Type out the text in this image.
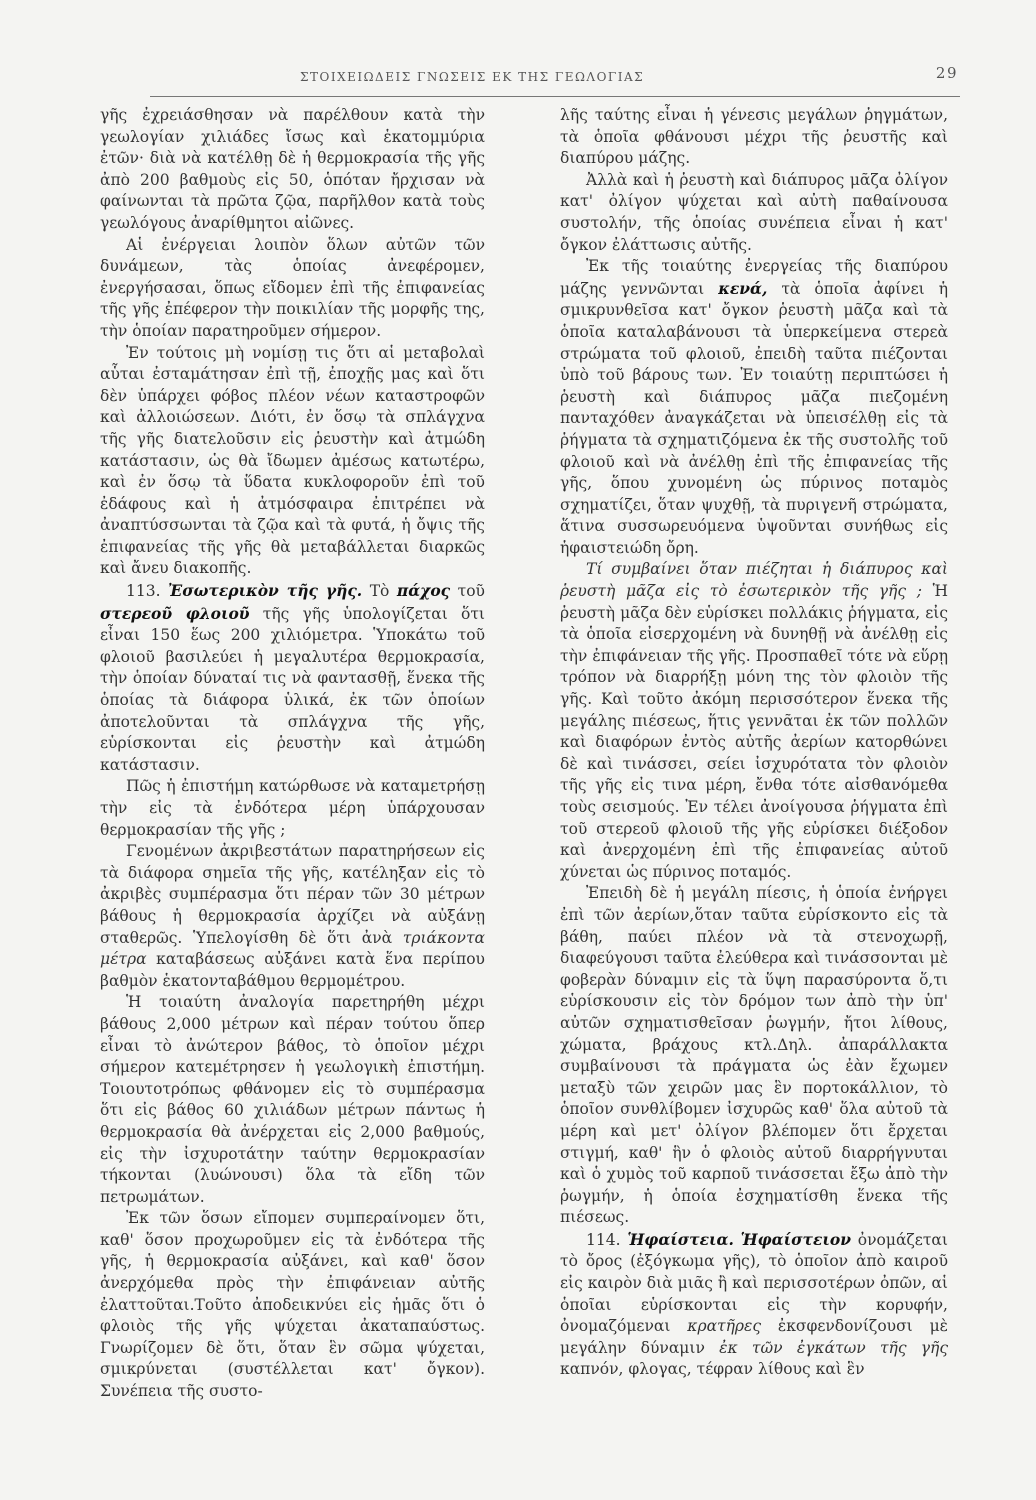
ΣΤΟΙΧΕΙΩΔΕΙΣ ΓΝΩΣΕΙΣ ΕΚ ΤΗΣ ΓΕΩΛΟΓΙΑΣ	29

γῆς ἐχρειάσθησαν νὰ παρέλθουν κατὰ τὴν γεωλογίαν χιλιάδες ἴσως καὶ ἑκατομμύρια ἐτῶν· διὰ νὰ κατέλθῃ δὲ ἡ θερμοκρασία τῆς γῆς ἀπὸ 200 βαθμοὺς εἰς 50, ὁπόταν ἤρχισαν νὰ φαίνωνται τὰ πρῶτα ζῷα, παρῆλθον κατὰ τοὺς γεωλόγους ἀναρίθμητοι αἰῶνες.

Αἱ ἐνέργειαι λοιπὸν ὅλων αὐτῶν τῶν δυνάμεων, τὰς ὁποίας ἀνεφέρομεν, ἐνεργήσασαι, ὅπως εἴδομεν ἐπὶ τῆς ἐπιφανείας τῆς γῆς ἐπέφερον τὴν ποικιλίαν τῆς μορφῆς της, τὴν ὁποίαν παρατηροῦμεν σήμερον.

Ἐν τούτοις μὴ νομίσῃ τις ὅτι αἱ μεταβολαὶ αὗται ἐσταμάτησαν ἐπὶ τῇ, ἐποχῇς μας καὶ ὅτι δὲν ὑπάρχει φόβος πλέον νέων καταστροφῶν καὶ ἀλλοιώσεων. Διότι, ἐν ὅσῳ τὰ σπλάγχνα τῆς γῆς διατελοῦσιν εἰς ῥευστὴν καὶ ἀτμώδη κατάστασιν, ὡς θὰ ἴδωμεν ἀμέσως κατωτέρω, καὶ ἐν ὅσῳ τὰ ὕδατα κυκλοφοροῦν ἐπὶ τοῦ ἐδάφους καὶ ἡ ἀτμόσφαιρα ἐπιτρέπει νὰ ἀναπτύσσωνται τὰ ζῷα καὶ τὰ φυτά, ἡ ὄψις τῆς ἐπιφανείας τῆς γῆς θὰ μεταβάλλεται διαρκῶς καὶ ἄνευ διακοπῆς.

113. Ἐσωτερικὸν τῆς γῆς. Τὸ πάχος τοῦ στερεοῦ φλοιοῦ τῆς γῆς ὑπολογίζεται ὅτι εἶναι 150 ἕως 200 χιλιόμετρα. Ὑποκάτω τοῦ φλοιοῦ βασιλεύει ἡ μεγαλυτέρα θερμοκρασία, τὴν ὁποίαν δύναταί τις νὰ φαντασθῇ, ἕνεκα τῆς ὁποίας τὰ διάφορα ὑλικά, ἐκ τῶν ὁποίων ἀποτελοῦνται τὰ σπλάγχνα τῆς γῆς, εὑρίσκονται εἰς ῥευστὴν καὶ ἀτμώδη κατάστασιν.

Πῶς ἡ ἐπιστήμη κατώρθωσε νὰ καταμετρήσῃ τὴν εἰς τὰ ἐνδότερα μέρη ὑπάρχουσαν θερμοκρασίαν τῆς γῆς ;

Γενομένων ἀκριβεστάτων παρατηρήσεων εἰς τὰ διάφορα σημεῖα τῆς γῆς, κατέληξαν εἰς τὸ ἀκριβὲς συμπέρασμα ὅτι πέραν τῶν 30 μέτρων βάθους ἡ θερμοκρασία ἀρχίζει νὰ αὐξάνῃ σταθερῶς. Ὑπελογίσθη δὲ ὅτι ἀνὰ τριάκοντα μέτρα καταβάσεως αὐξάνει κατὰ ἕνα περίπου βαθμὸν ἑκατονταβάθμου θερμομέτρου.

Ἡ τοιαύτη ἀναλογία παρετηρήθη μέχρι βάθους 2,000 μέτρων καὶ πέραν τούτου ὅπερ εἶναι τὸ ἀνώτερον βάθος, τὸ ὁποῖον μέχρι σήμερον κατεμέτρησεν ἡ γεωλογικὴ ἐπιστήμη. Τοιουτοτρόπως φθάνομεν εἰς τὸ συμπέρασμα ὅτι εἰς βάθος 60 χιλιάδων μέτρων πάντως ἡ θερμοκρασία θὰ ἀνέρχεται εἰς 2,000 βαθμούς, εἰς τὴν ἰσχυροτάτην ταύτην θερμοκρασίαν τήκονται (λυώνουσι) ὅλα τὰ εἴδη τῶν πετρωμάτων.

Ἐκ τῶν ὅσων εἴπομεν συμπεραίνομεν ὅτι, καθ' ὅσον προχωροῦμεν εἰς τὰ ἐνδότερα τῆς γῆς, ἡ θερμοκρασία αὐξάνει, καὶ καθ' ὅσον ἀνερχόμεθα πρὸς τὴν ἐπιφάνειαν αὐτῆς ἐλαττοῦται.Τοῦτο ἀποδεικνύει εἰς ἡμᾶς ὅτι ὁ φλοιὸς τῆς γῆς ψύχεται ἀκαταπαύστως. Γνωρίζομεν δὲ ὅτι, ὅταν ἓν σῶμα ψύχεται, σμικρύνεται (συστέλλεται κατ' ὄγκον). Συνέπεια τῆς συστο-

λῆς ταύτης εἶναι ἡ γένεσις μεγάλων ῥηγμάτων, τὰ ὁποῖα φθάνουσι μέχρι τῆς ῥευστῆς καὶ διαπύρου μάζης.

Ἀλλὰ καὶ ἡ ῥευστὴ καὶ διάπυρος μᾶζα ὀλίγον κατ' ὀλίγον ψύχεται καὶ αὐτὴ παθαίνουσα συστολήν, τῆς ὁποίας συνέπεια εἶναι ἡ κατ' ὄγκον ἐλάττωσις αὐτῆς.

Ἐκ τῆς τοιαύτης ἐνεργείας τῆς διαπύρου μάζης γεννῶνται κενά, τὰ ὁποῖα ἀφίνει ἡ σμικρυνθεῖσα κατ' ὄγκον ῥευστὴ μᾶζα καὶ τὰ ὁποῖα καταλαβάνουσι τὰ ὑπερκείμενα στερεὰ στρώματα τοῦ φλοιοῦ, ἐπειδὴ ταῦτα πιέζονται ὑπὸ τοῦ βάρους των. Ἐν τοιαύτῃ περιπτώσει ἡ ῥευστὴ καὶ διάπυρος μᾶζα πιεζομένη πανταχόθεν ἀναγκάζεται νὰ ὑπεισέλθῃ εἰς τὰ ῥήγματα τὰ σχηματιζόμενα ἐκ τῆς συστολῆς τοῦ φλοιοῦ καὶ νὰ ἀνέλθῃ ἐπὶ τῆς ἐπιφανείας τῆς γῆς, ὅπου χυνομένη ὡς πύρινος ποταμὸς σχηματίζει, ὅταν ψυχθῇ, τὰ πυριγενῆ στρώματα, ἅτινα συσσωρευόμενα ὑψοῦνται συνήθως εἰς ἡφαιστειώδη ὄρη.

Τί συμβαίνει ὅταν πιέζηται ἡ διάπυρος καὶ ῥευστὴ μᾶζα εἰς τὸ ἐσωτερικὸν τῆς γῆς ; Ἡ ῥευστὴ μᾶζα δὲν εὑρίσκει πολλάκις ῥήγματα, εἰς τὰ ὁποῖα εἰσερχομένη νὰ δυνηθῇ νὰ ἀνέλθῃ εἰς τὴν ἐπιφάνειαν τῆς γῆς. Προσπαθεῖ τότε νὰ εὕρῃ τρόπον νὰ διαρρήξῃ μόνη της τὸν φλοιὸν τῆς γῆς. Καὶ τοῦτο ἀκόμη περισσότερον ἕνεκα τῆς μεγάλης πιέσεως, ἥτις γεννᾶται ἐκ τῶν πολλῶν καὶ διαφόρων ἐντὸς αὐτῆς ἀερίων κατορθώνει δὲ καὶ τινάσσει, σείει ἰσχυρότατα τὸν φλοιὸν τῆς γῆς εἰς τινα μέρη, ἔνθα τότε αἰσθανόμεθα τοὺς σεισμούς. Ἐν τέλει ἀνοίγουσα ῥήγματα ἐπὶ τοῦ στερεοῦ φλοιοῦ τῆς γῆς εὑρίσκει διέξοδον καὶ ἀνερχομένη ἐπὶ τῆς ἐπιφανείας αὐτοῦ χύνεται ὡς πύρινος ποταμός.

Ἐπειδὴ δὲ ἡ μεγάλη πίεσις, ἡ ὁποία ἐνήργει ἐπὶ τῶν ἀερίων,ὅταν ταῦτα εὑρίσκοντο εἰς τὰ βάθη, παύει πλέον νὰ τὰ στενοχωρῇ, διαφεύγουσι ταῦτα ἐλεύθερα καὶ τινάσσονται μὲ φοβερὰν δύναμιν εἰς τὰ ὕψη παρασύροντα ὅ,τι εὑρίσκουσιν εἰς τὸν δρόμον των ἀπὸ τὴν ὑπ' αὐτῶν σχηματισθεῖσαν ῥωγμήν, ἤτοι λίθους, χώματα, βράχους κτλ.Δηλ. ἀπαράλλακτα συμβαίνουσι τὰ πράγματα ὡς ἐὰν ἔχωμεν μεταξὺ τῶν χειρῶν μας ἓν πορτοκάλλιον, τὸ ὁποῖον συνθλίβομεν ἰσχυρῶς καθ' ὅλα αὐτοῦ τὰ μέρη καὶ μετ' ὀλίγον βλέπομεν ὅτι ἔρχεται στιγμή, καθ' ἣν ὁ φλοιὸς αὐτοῦ διαρρήγνυται καὶ ὁ χυμὸς τοῦ καρποῦ τινάσσεται ἔξω ἀπὸ τὴν ῥωγμήν, ἡ ὁποία ἐσχηματίσθη ἕνεκα τῆς πιέσεως.

114. Ἡφαίστεια. Ἡφαίστειον ὀνομάζεται τὸ ὄρος (ἐξόγκωμα γῆς), τὸ ὁποῖον ἀπὸ καιροῦ εἰς καιρὸν διὰ μιᾶς ἢ καὶ περισσοτέρων ὀπῶν, αἱ ὁποῖαι εὑρίσκονται εἰς τὴν κορυφήν, ὀνομαζόμεναι κρατῆρες ἐκσφενδονίζουσι μὲ μεγάλην δύναμιν ἐκ τῶν ἐγκάτων τῆς γῆς καπνόν, φλογας, τέφραν λίθους καὶ ἓν
